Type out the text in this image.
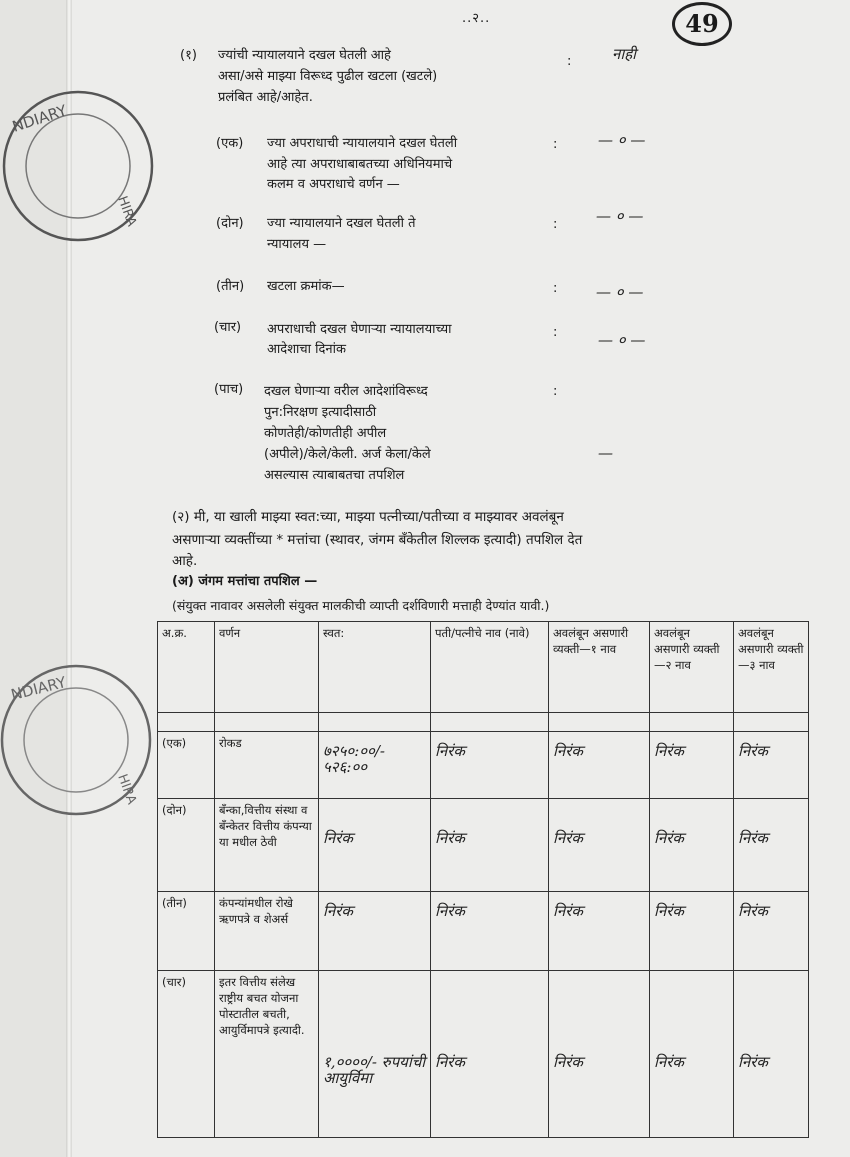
NDIARY
HIRA
NDIARY
HIRA
..२..	49
(१) ज्यांची न्यायालयाने दखल घेतली आहे
असा/असे माझ्या विरूध्द पुढील खटला (खटले)
प्रलंबित आहे/आहेत.
:	नाही
(एक) ज्या अपराधाची न्यायालयाने दखल घेतली
आहे त्या अपराधाबाबतच्या अधिनियमाचे
कलम व अपराधाचे वर्णन —
:	— ० —
(दोन) ज्या न्यायालयाने दखल घेतली ते
न्यायालय —
:	— ० —
(तीन) खटला क्रमांक—	:	— ० —
(चार) अपराधाची दखल घेणाऱ्या न्यायालयाच्या
आदेशाचा दिनांक
:	— ० —
(पाच) दखल घेणाऱ्या वरील आदेशांविरूध्द
पुन:निरक्षण इत्यादीसाठी
कोणतेही/कोणतीही अपील
(अपीले)/केले/केली. अर्ज केला/केले
असल्यास त्याबाबतचा तपशिल
:
—
(२) मी, या खाली माझ्या स्वत:च्या, माझ्या पत्नीच्या/पतीच्या व माझ्यावर अवलंबून
असणाऱ्या व्यक्तींच्या * मत्तांचा (स्थावर, जंगम बँकेतील शिल्लक इत्यादी) तपशिल देत
आहे.
(अ) जंगम मत्तांचा तपशिल —
(संयुक्त नावावर असलेली संयुक्त मालकीची व्याप्ती दर्शविणारी मत्ताही देण्यांत यावी.)
अ.क्र.	वर्णन	स्वत:	पती/पत्नीचे नाव (नावे)	अवलंबून असणारी व्यक्ती—१ नाव	अवलंबून असणारी व्यक्ती—२ नाव	अवलंबून असणारी व्यक्ती—३ नाव

(एक)	रोकड	७२५०:००/- ५२६:००	निरंक	निरंक	निरंक	निरंक

(दोन)	बँन्का,वित्तीय संस्था व बँन्केतर वित्तीय कंपन्या या मधील ठेवी	निरंक	निरंक	निरंक	निरंक	निरंक

(तीन)	कंपन्यांमधील रोखे ऋणपत्रे व शेअर्स	निरंक	निरंक	निरंक	निरंक	निरंक

(चार)	इतर वित्तीय संलेख राष्ट्रीय बचत योजना पोस्टातील बचती, आयुर्विमापत्रे इत्यादी.	१,००००/- रुपयांची आयुर्विमा	निरंक	निरंक	निरंक	निरंक
